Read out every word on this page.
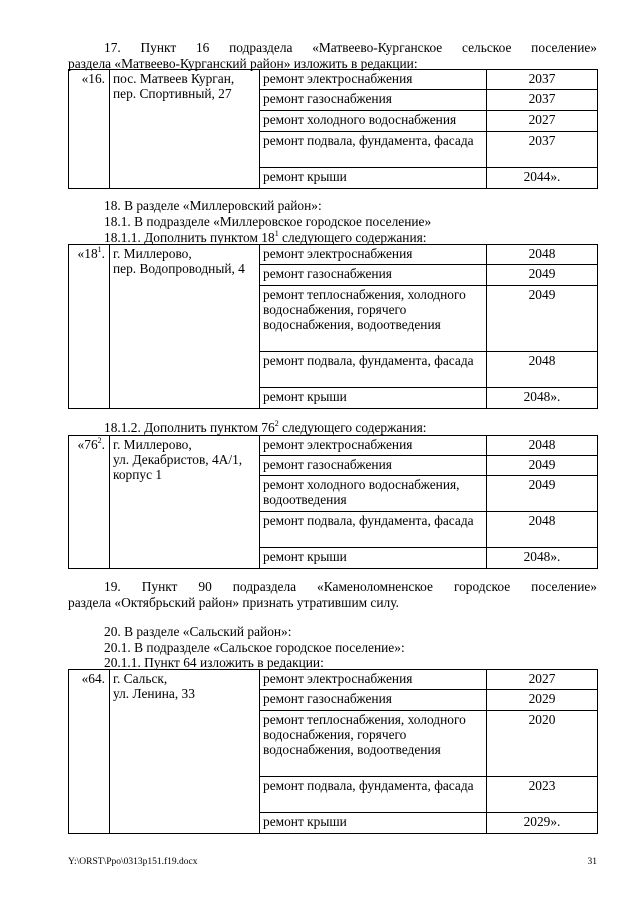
17. Пункт 16 подраздела «Матвеево-Курганское сельское поселение»
раздела «Матвеево-Курганский район» изложить в редакции:
«16.	пос. Матвеев Курган,
пер. Спортивный, 27	ремонт электроснабжения	2037
		ремонт газоснабжения	2037
		ремонт холодного водоснабжения	2027
		ремонт подвала, фундамента, фасада	2037
		ремонт крыши	2044».
18. В разделе «Миллеровский район»:
18.1. В подразделе «Миллеровское городское поселение»
18.1.1. Дополнить пунктом $18^1$ следующего содержания:
«$18^1$.	г. Миллерово,
пер. Водопроводный, 4	ремонт электроснабжения	2048
		ремонт газоснабжения	2049
		ремонт теплоснабжения, холодного водоснабжения, горячего водоснабжения, водоотведения	2049
		ремонт подвала, фундамента, фасада	2048
		ремонт крыши	2048».
18.1.2. Дополнить пунктом $76^2$ следующего содержания:
«$76^2$.	г. Миллерово,
ул. Декабристов, 4А/1,
корпус 1	ремонт электроснабжения	2048
		ремонт газоснабжения	2049
		ремонт холодного водоснабжения, водоотведения	2049
		ремонт подвала, фундамента, фасада	2048
		ремонт крыши	2048».
19. Пункт 90 подраздела «Каменоломненское городское поселение»
раздела «Октябрьский район» признать утратившим силу.
20. В разделе «Сальский район»:
20.1. В подразделе «Сальское городское поселение»:
20.1.1. Пункт 64 изложить в редакции:
«64.	г. Сальск,
ул. Ленина, 33	ремонт электроснабжения	2027
		ремонт газоснабжения	2029
		ремонт теплоснабжения, холодного водоснабжения, горячего водоснабжения, водоотведения	2020
		ремонт подвала, фундамента, фасада	2023
		ремонт крыши	2029».
Y:\ORST\Ppo\0313p151.f19.docx	31
